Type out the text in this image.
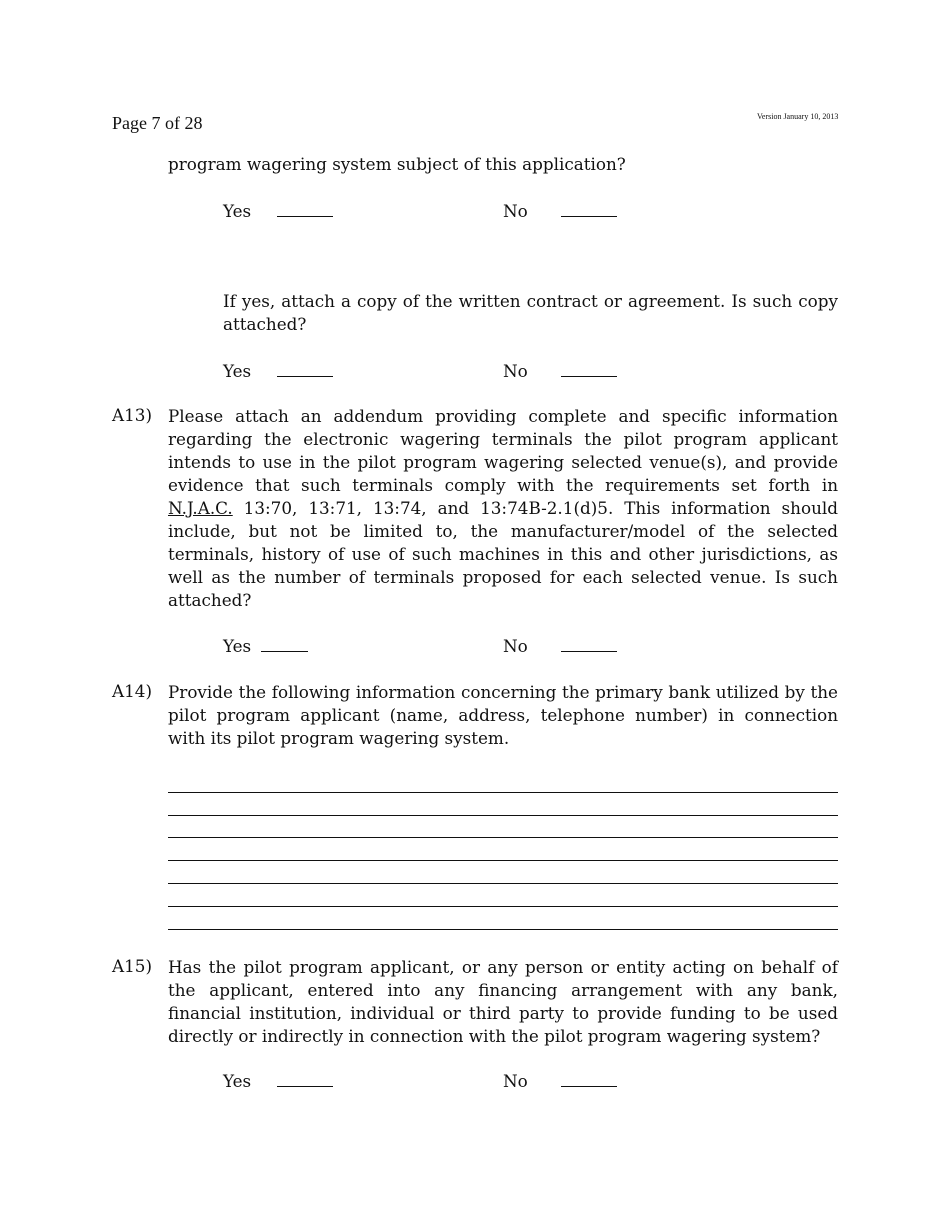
Page 7 of 28	Version January 10, 2013
program wagering system subject of this application?
Yes	No
If yes, attach a copy of the written contract or agreement. Is such copy attached?
Yes	No
A13) Please attach an addendum providing complete and specific information regarding the electronic wagering terminals the pilot program applicant intends to use in the pilot program wagering selected venue(s), and provide evidence that such terminals comply with the requirements set forth in N.J.A.C. 13:70, 13:71, 13:74, and 13:74B-2.1(d)5. This information should include, but not be limited to, the manufacturer/model of the selected terminals, history of use of such machines in this and other jurisdictions, as well as the number of terminals proposed for each selected venue. Is such attached?
Yes	No
A14) Provide the following information concerning the primary bank utilized by the pilot program applicant (name, address, telephone number) in connection with its pilot program wagering system.
A15) Has the pilot program applicant, or any person or entity acting on behalf of the applicant, entered into any financing arrangement with any bank, financial institution, individual or third party to provide funding to be used directly or indirectly in connection with the pilot program wagering system?
Yes	No
